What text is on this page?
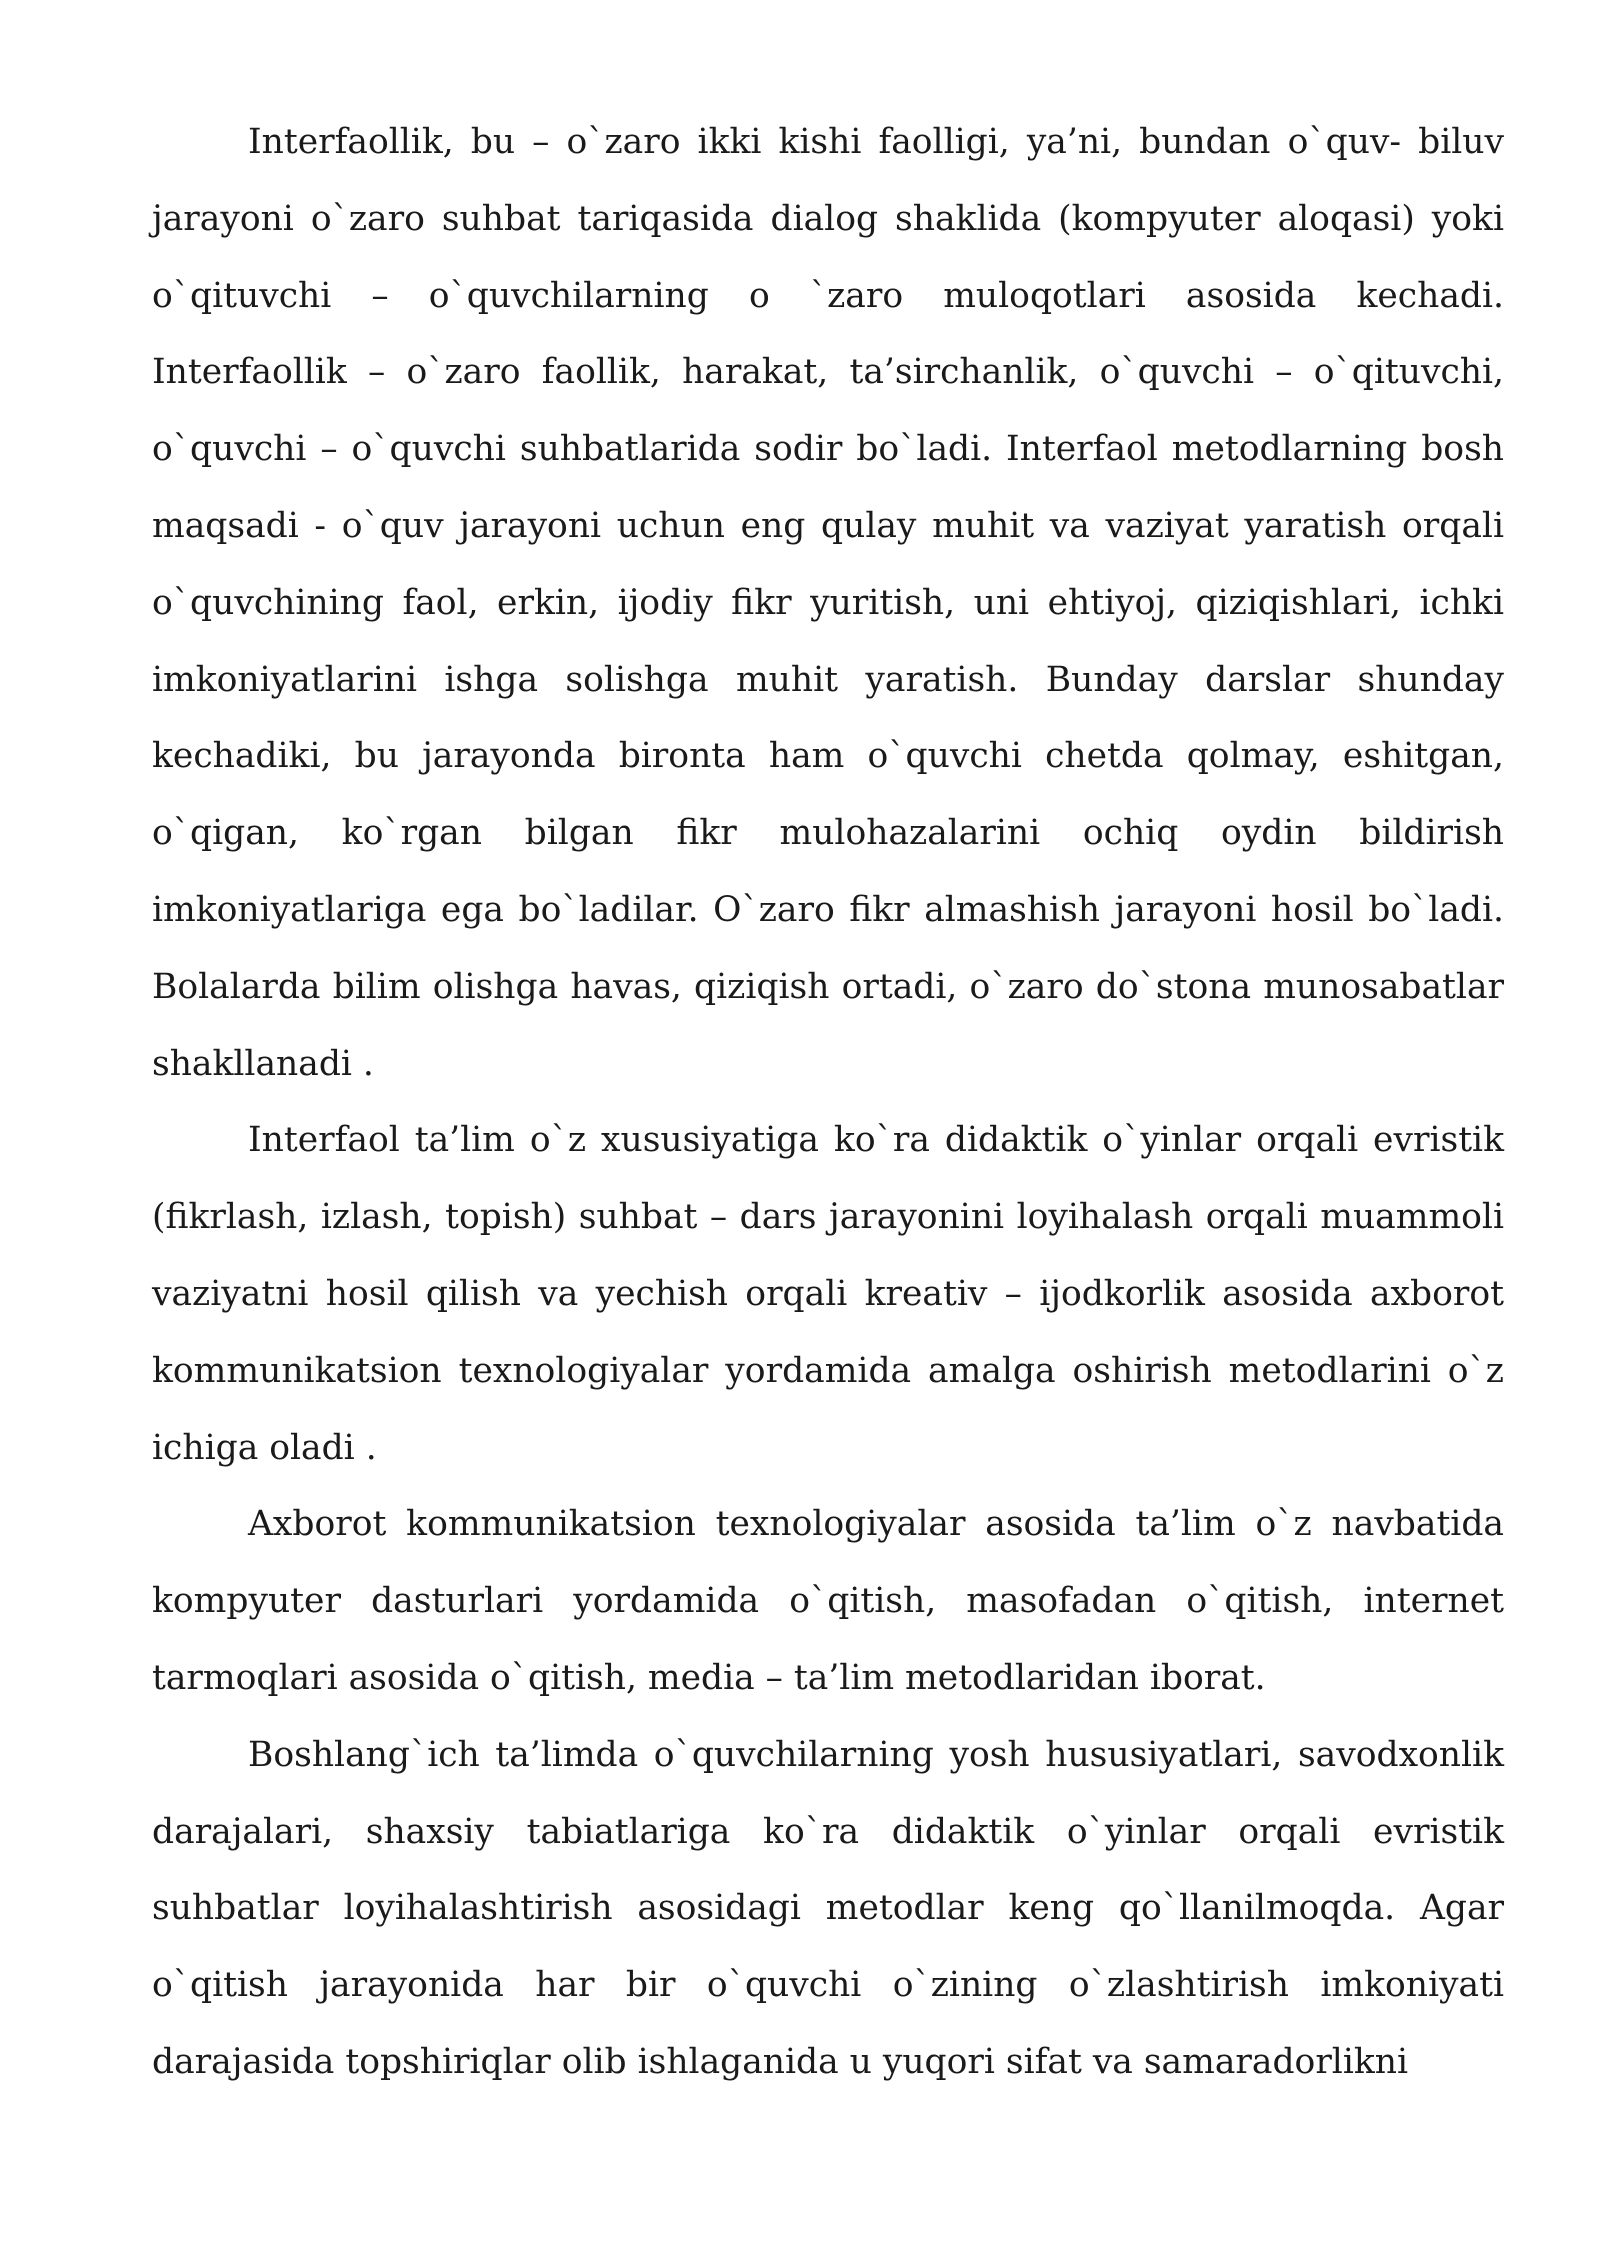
Interfaollik, bu – o`zaro ikki kishi faolligi, ya’ni, bundan o`quv- biluv jarayoni o`zaro suhbat tariqasida dialog shaklida (kompyuter aloqasi) yoki o`qituvchi – o`quvchilarning o `zaro muloqotlari asosida kechadi. Interfaollik – o`zaro faollik, harakat, ta’sirchanlik, o`quvchi – o`qituvchi, o`quvchi – o`quvchi suhbatlarida sodir bo`ladi. Interfaol metodlarning bosh maqsadi - o`quv jarayoni uchun eng qulay muhit va vaziyat yaratish orqali o`quvchining faol, erkin, ijodiy fikr yuritish, uni ehtiyoj, qiziqishlari, ichki imkoniyatlarini ishga solishga muhit yaratish. Bunday darslar shunday kechadiki, bu jarayonda bironta ham o`quvchi chetda qolmay, eshitgan, o`qigan, ko`rgan bilgan fikr mulohazalarini ochiq oydin bildirish imkoniyatlariga ega bo`ladilar. O`zaro fikr almashish jarayoni hosil bo`ladi. Bolalarda bilim olishga havas, qiziqish ortadi, o`zaro do`stona munosabatlar shakllanadi .

Interfaol ta’lim o`z xususiyatiga ko`ra didaktik o`yinlar orqali evristik (fikrlash, izlash, topish) suhbat – dars jarayonini loyihalash orqali muammoli vaziyatni hosil qilish va yechish orqali kreativ – ijodkorlik asosida axborot kommunikatsion texnologiyalar yordamida amalga oshirish metodlarini o`z ichiga oladi .

Axborot kommunikatsion texnologiyalar asosida ta’lim o`z navbatida kompyuter dasturlari yordamida o`qitish, masofadan o`qitish, internet tarmoqlari asosida o`qitish, media – ta’lim metodlaridan iborat.

Boshlang`ich ta’limda o`quvchilarning yosh hususiyatlari, savodxonlik darajalari, shaxsiy tabiatlariga ko`ra didaktik o`yinlar orqali evristik suhbatlar loyihalashtirish asosidagi metodlar keng qo`llanilmoqda. Agar o`qitish jarayonida har bir o`quvchi o`zining o`zlashtirish imkoniyati darajasida topshiriqlar olib ishlaganida u yuqori sifat va samaradorlikni
